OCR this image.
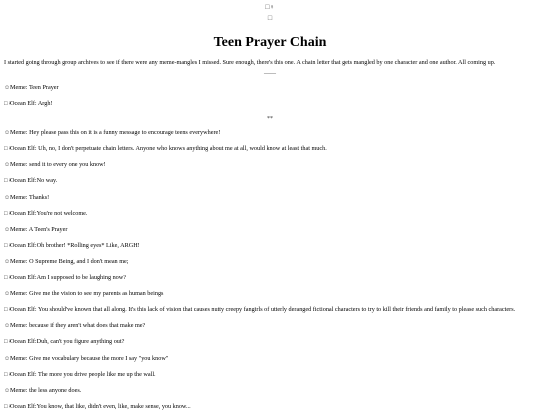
□♀
□
Teen Prayer Chain

I started going through group archives to see if there were any meme-mangles I missed. Sure enough, there's this one. A chain letter that gets mangled by one character and one author. All coming up.

——
☺Meme: Teen Prayer
□♀Ocean Elf: Argh!
**
☺Meme: Hey please pass this on it is a funny message to encourage teens everywhere!
□♀Ocean Elf: Uh, no, I don't perpetuate chain letters. Anyone who knows anything about me at all, would know at least that much.
☺Meme: send it to every one you know!
□♀Ocean Elf:No way.
☺Meme: Thanks!
□♀Ocean Elf:You're not welcome.
☺Meme: A Teen's Prayer
□♀Ocean Elf:Oh brother! *Rolling eyes* Like, ARGH!
☺Meme: O Supreme Being, and I don't mean me;
□♀Ocean Elf:Am I supposed to be laughing now?
☺Meme: Give me the vision to see my parents as human beings
□♀Ocean Elf: You should've known that all along. It's this lack of vision that causes nutty creepy fangirls of utterly deranged fictional characters to try to kill their friends and family to please such characters.
☺Meme: because if they aren't what does that make me?
□♀Ocean Elf:Duh, can't you figure anything out?
☺Meme: Give me vocabulary because the more I say "you know"
□♀Ocean Elf: The more you drive people like me up the wall.
☺Meme: the less anyone does.
□♀Ocean Elf:You know, that like, didn't even, like, make sense, you know...
